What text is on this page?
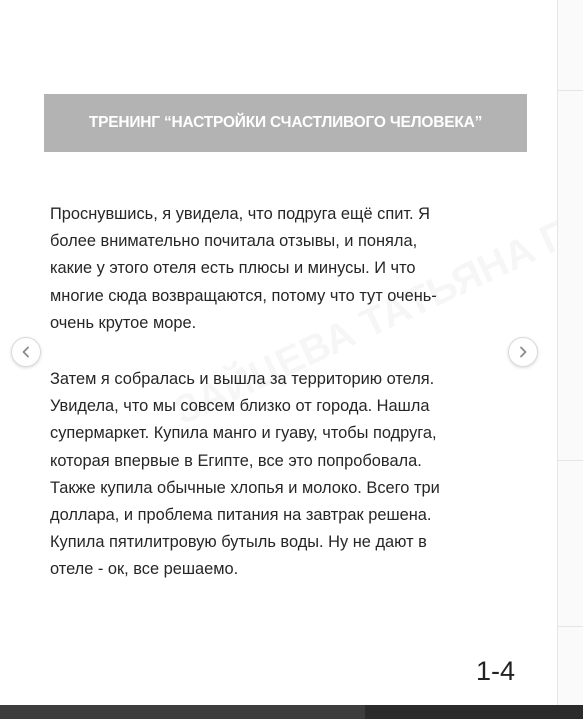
ТРЕНИНГ “НАСТРОЙКИ СЧАСТЛИВОГО ЧЕЛОВЕКА”
Проснувшись, я увидела, что подруга ещё спит. Я
более внимательно почитала отзывы, и поняла,
какие у этого отеля есть плюсы и минусы. И что
многие сюда возвращаются, потому что тут очень-
очень крутое море.
Затем я собралась и вышла за территорию отеля.
Увидела, что мы совсем близко от города. Нашла
супермаркет. Купила манго и гуаву, чтобы подруга,
которая впервые в Египте, все это попробовала.
Также купила обычные хлопья и молоко. Всего три
доллара, и проблема питания на завтрак решена.
Купила пятилитровую бутыль воды. Ну не дают в
отеле - ок, все решаемо.
1-4
